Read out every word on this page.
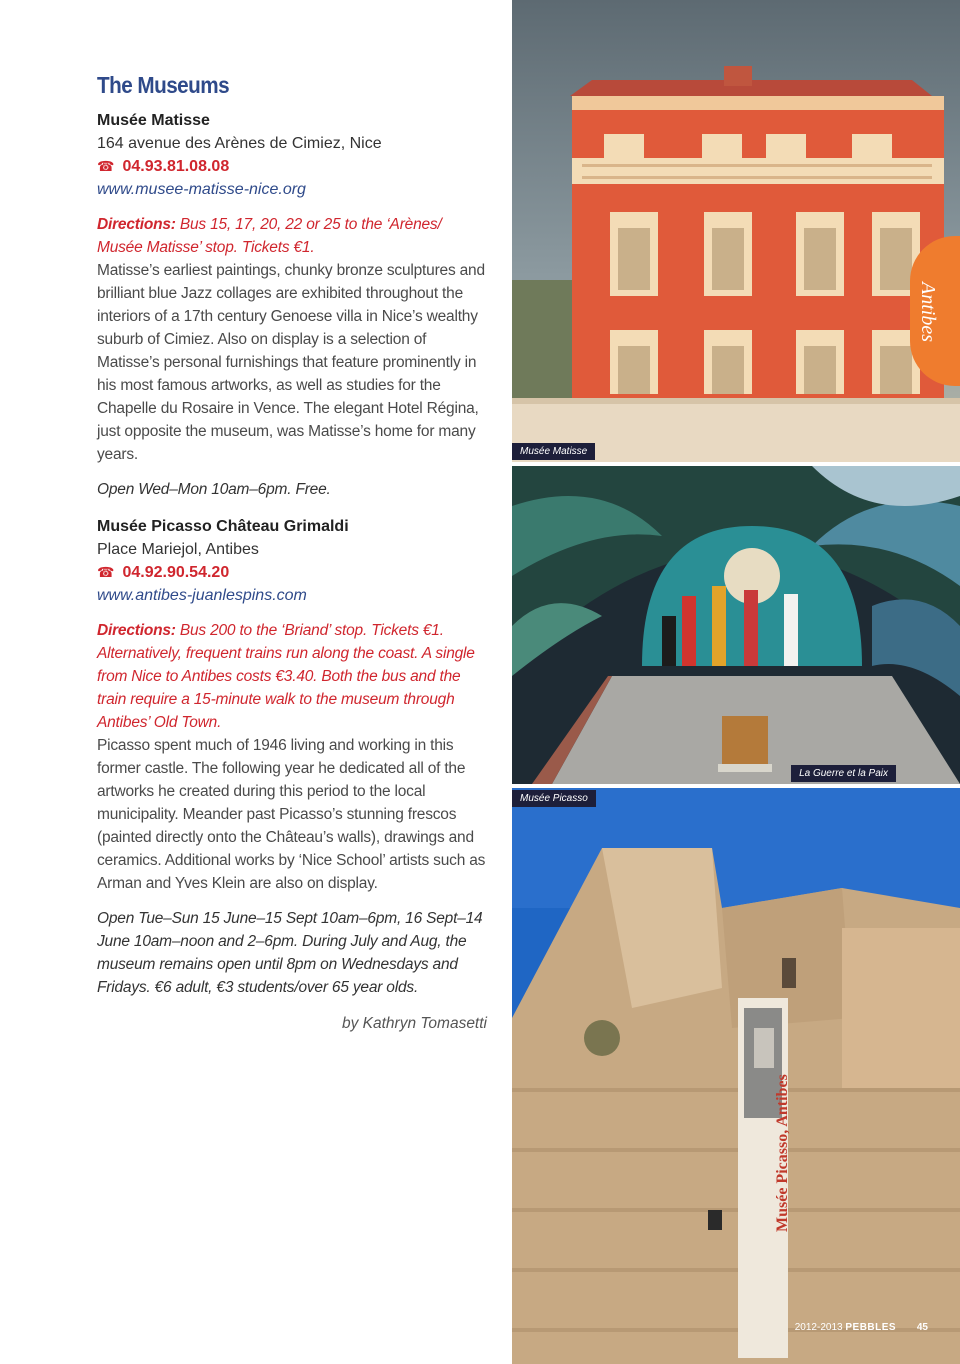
The Museums
Musée Matisse
164 avenue des Arènes de Cimiez, Nice
☎ 04.93.81.08.08
www.musee-matisse-nice.org
Directions: Bus 15, 17, 20, 22 or 25 to the ‘Arènes/ Musée Matisse’ stop. Tickets €1.
Matisse’s earliest paintings, chunky bronze sculptures and brilliant blue Jazz collages are exhibited throughout the interiors of a 17th century Genoese villa in Nice’s wealthy suburb of Cimiez. Also on display is a selection of Matisse’s personal furnishings that feature prominently in his most famous artworks, as well as studies for the Chapelle du Rosaire in Vence. The elegant Hotel Régina, just opposite the museum, was Matisse’s home for many years.
Open Wed–Mon 10am–6pm. Free.
Musée Picasso Château Grimaldi
Place Mariejol, Antibes
☎ 04.92.90.54.20
www.antibes-juanlespins.com
Directions: Bus 200 to the ‘Briand’ stop. Tickets €1. Alternatively, frequent trains run along the coast. A single from Nice to Antibes costs €3.40. Both the bus and the train require a 15-minute walk to the museum through Antibes’ Old Town.
Picasso spent much of 1946 living and working in this former castle. The following year he dedicated all of the artworks he created during this period to the local municipality. Meander past Picasso’s stunning frescos (painted directly onto the Château’s walls), drawings and ceramics. Additional works by ‘Nice School’ artists such as Arman and Yves Klein are also on display.
Open Tue–Sun 15 June–15 Sept 10am–6pm, 16 Sept–14 June 10am–noon and 2–6pm. During July and Aug, the museum remains open until 8pm on Wednesdays and Fridays. €6 adult, €3 students/over 65 year olds.
by Kathryn Tomasetti
Musée Matisse
Antibes
La Guerre et la Paix
Musée Picasso
2012-2013 PEBBLES 45
